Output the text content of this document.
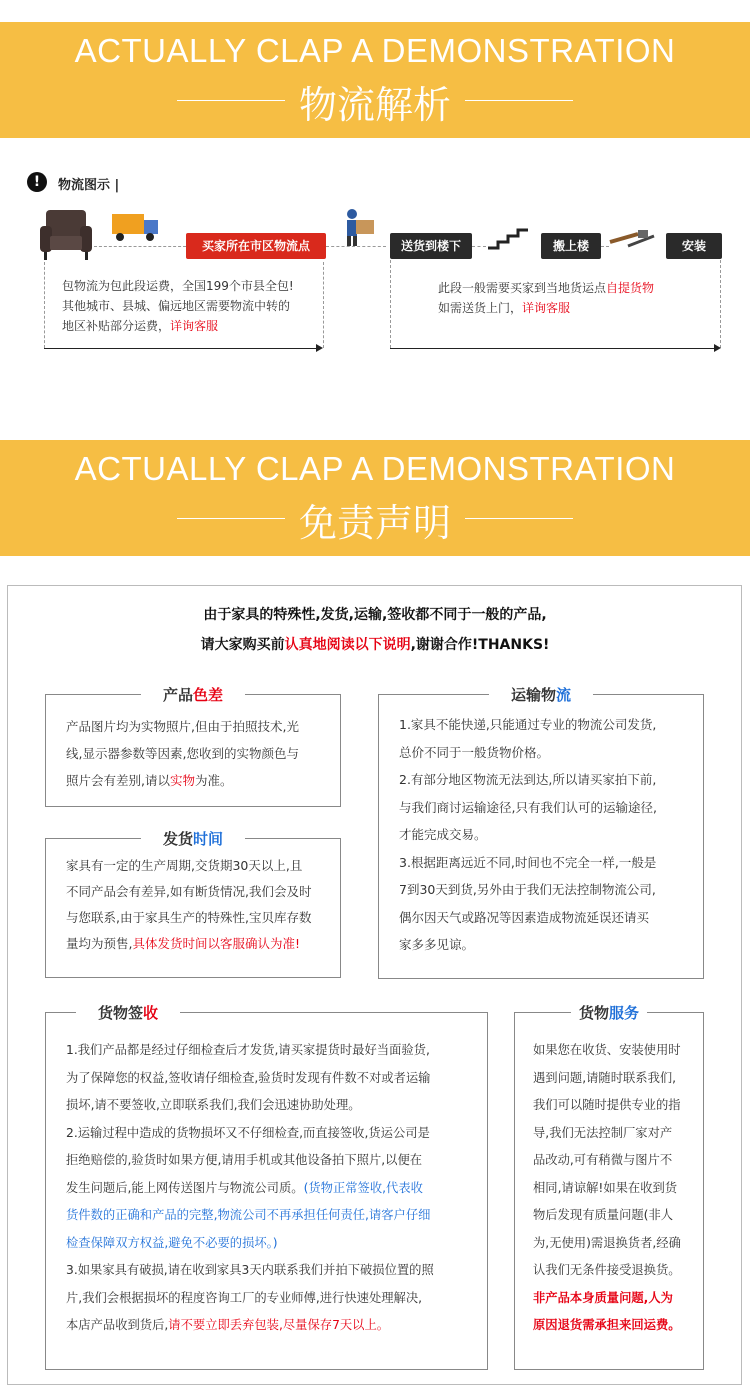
ACTUALLY CLAP A DEMONSTRATION
物流解析
!	物流图示 |
买家所在市区物流点	送货到楼下	搬上楼	安装
包物流为包此段运费，全国199个市县全包!
其他城市、县城、偏远地区需要物流中转的
地区补贴部分运费，详询客服
此段一般需要买家到当地货运点自提货物
如需送货上门，详询客服
ACTUALLY CLAP A DEMONSTRATION
免责声明
由于家具的特殊性,发货,运输,签收都不同于一般的产品,
请大家购买前认真地阅读以下说明,谢谢合作!THANKS!
产品色差
产品图片均为实物照片,但由于拍照技术,光
线,显示器参数等因素,您收到的实物颜色与
照片会有差别,请以实物为准。
发货时间
家具有一定的生产周期,交货期30天以上,且
不同产品会有差异,如有断货情况,我们会及时
与您联系,由于家具生产的特殊性,宝贝库存数
量均为预售,具体发货时间以客服确认为准!
运输物流
1.家具不能快递,只能通过专业的物流公司发货,
总价不同于一般货物价格。
2.有部分地区物流无法到达,所以请买家拍下前,
与我们商讨运输途径,只有我们认可的运输途径,
才能完成交易。
3.根据距离远近不同,时间也不完全一样,一般是
7到30天到货,另外由于我们无法控制物流公司,
偶尔因天气或路况等因素造成物流延误还请买
家多多见谅。
货物签收
1.我们产品都是经过仔细检查后才发货,请买家提货时最好当面验货,
为了保障您的权益,签收请仔细检查,验货时发现有件数不对或者运输
损坏,请不要签收,立即联系我们,我们会迅速协助处理。
2.运输过程中造成的货物损坏又不仔细检查,而直接签收,货运公司是
拒绝赔偿的,验货时如果方便,请用手机或其他设备拍下照片,以便在
发生问题后,能上网传送图片与物流公司质。(货物正常签收,代表收
货件数的正确和产品的完整,物流公司不再承担任何责任,请客户仔细
检查保障双方权益,避免不必要的损坏。)
3.如果家具有破损,请在收到家具3天内联系我们并拍下破损位置的照
片,我们会根据损坏的程度咨询工厂的专业师傅,进行快速处理解决,
本店产品收到货后,请不要立即丢弃包装,尽量保存7天以上。
货物服务
如果您在收货、安装使用时
遇到问题,请随时联系我们,
我们可以随时提供专业的指
导,我们无法控制厂家对产
品改动,可有稍微与图片不
相同,请谅解!如果在收到货
物后发现有质量问题(非人
为,无使用)需退换货者,经确
认我们无条件接受退换货。
非产品本身质量问题,人为
原因退货需承担来回运费。
